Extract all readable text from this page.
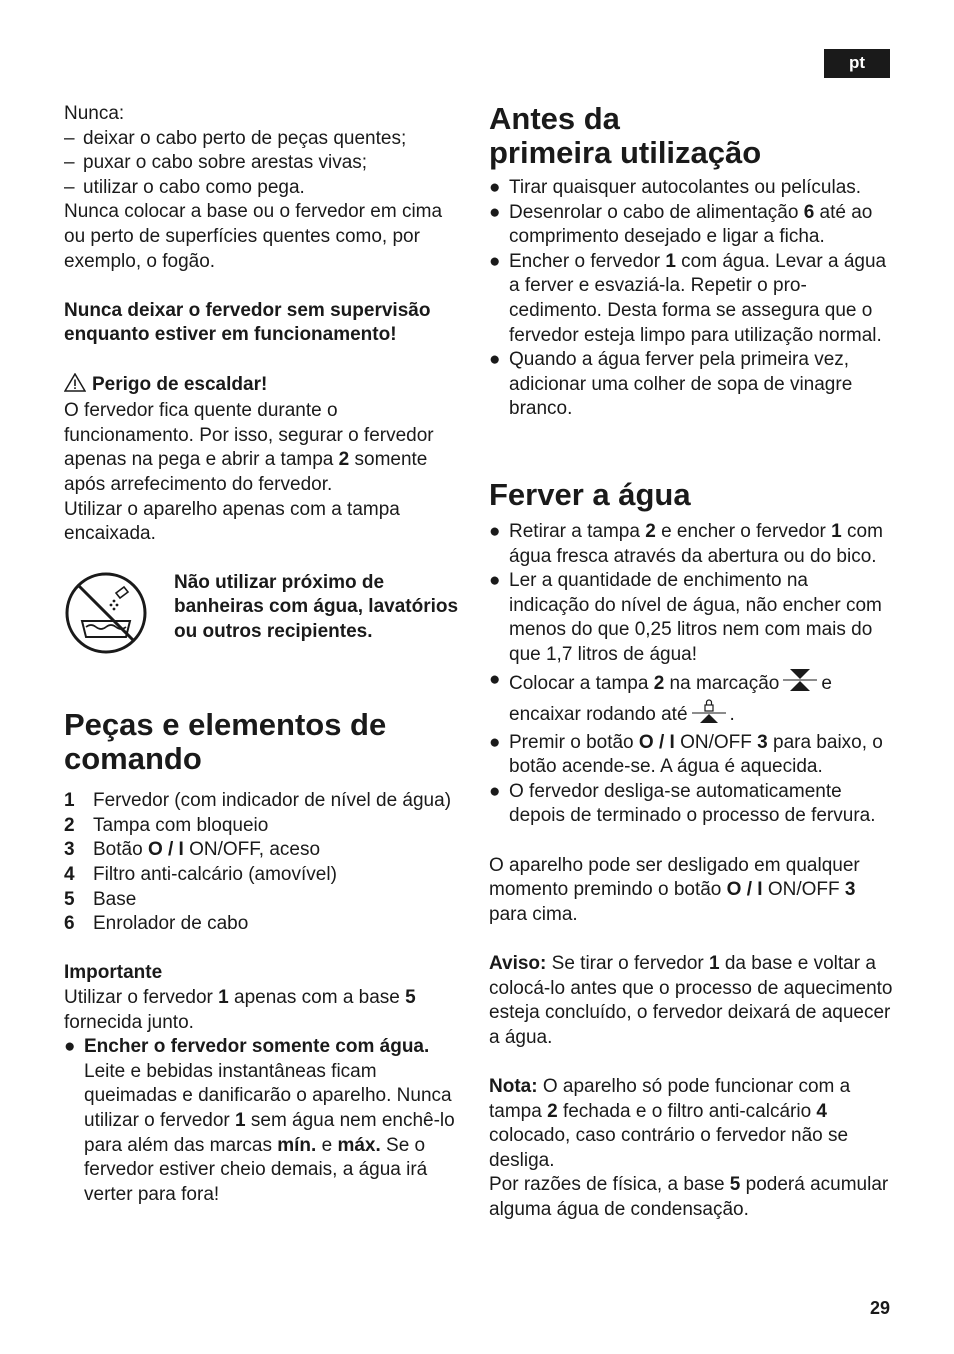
pt

Nunca:

– deixar o cabo perto de peças quentes;
– puxar o cabo sobre arestas vivas;
– utilizar o cabo como pega.

Nunca colocar a base ou o fervedor em cima ou perto de superfícies quentes como, por exemplo, o fogão.

Nunca deixar o fervedor sem supervisão enquanto estiver em funcionamento!

Perigo de escaldar!

O fervedor fica quente durante o funcionamento. Por isso, segurar o fervedor apenas na pega e abrir a tampa 2 somente após arrefecimento do fervedor.

Utilizar o aparelho apenas com a tampa encaixada.

Não utilizar próximo de banheiras com água, lavatórios ou outros recipientes.
Peças e elementos de comando
1 Fervedor (com indicador de nível de água)
2 Tampa com bloqueio
3 Botão O / I ON/OFF, aceso
4 Filtro anti-calcário (amovível)
5 Base
6 Enrolador de cabo

Importante

Utilizar o fervedor 1 apenas com a base 5 fornecida junto.

● Encher o fervedor somente com água.
Leite e bebidas instantâneas ficam queimadas e danificarão o aparelho. Nunca utilizar o fervedor 1 sem água nem enchê-lo para além das marcas mín. e máx. Se o fervedor estiver cheio demais, a água irá verter para fora!
Antes da
primeira utilização
● Tirar quaisquer autocolantes ou películas.
● Desenrolar o cabo de alimentação 6 até ao comprimento desejado e ligar a ficha.
● Encher o fervedor 1 com água. Levar a água a ferver e esvaziá-la. Repetir o procedimento. Desta forma se assegura que o fervedor esteja limpo para utilização normal.
● Quando a água ferver pela primeira vez, adicionar uma colher de sopa de vinagre branco.
Ferver a água
● Retirar a tampa 2 e encher o fervedor 1 com água fresca através da abertura ou do bico.
● Ler a quantidade de enchimento na indicação do nível de água, não encher com menos do que 0,25 litros nem com mais do que 1,7 litros de água!
● Colocar a tampa 2 na marcação e encaixar rodando até .
● Premir o botão O / I ON/OFF 3 para baixo, o botão acende-se. A água é aquecida.
● O fervedor desliga-se automaticamente depois de terminado o processo de fervura.

O aparelho pode ser desligado em qualquer momento premindo o botão O / I ON/OFF 3 para cima.

Aviso: Se tirar o fervedor 1 da base e voltar a colocá-lo antes que o processo de aquecimento esteja concluído, o fervedor deixará de aquecer a água.

Nota: O aparelho só pode funcionar com a tampa 2 fechada e o filtro anti-calcário 4 colocado, caso contrário o fervedor não se desliga.

Por razões de física, a base 5 poderá acumular alguma água de condensação.

29
